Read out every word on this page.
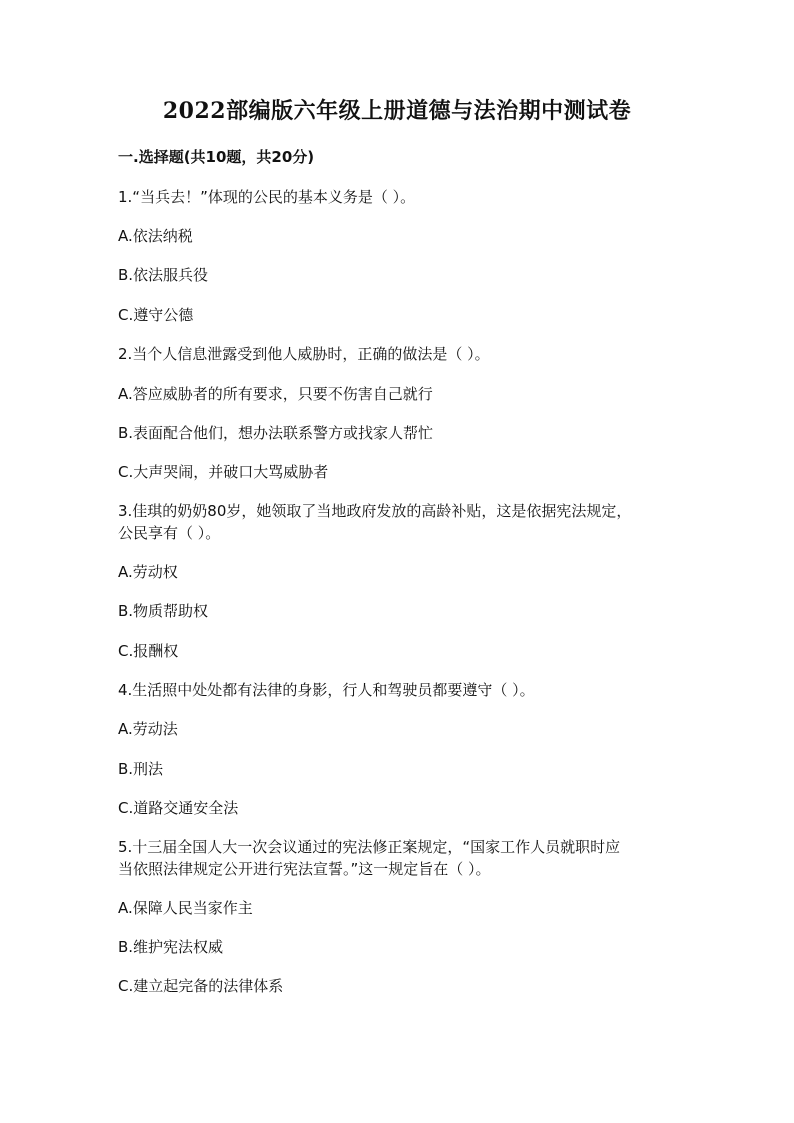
2022部编版六年级上册道德与法治期中测试卷
一.选择题(共10题，共20分)
1.“当兵去！”体现的公民的基本义务是（ ）。
A.依法纳税
B.依法服兵役
C.遵守公德
2.当个人信息泄露受到他人威胁时，正确的做法是（ ）。
A.答应威胁者的所有要求，只要不伤害自己就行
B.表面配合他们，想办法联系警方或找家人帮忙
C.大声哭闹，并破口大骂威胁者
3.佳琪的奶奶80岁，她领取了当地政府发放的高龄补贴，这是依据宪法规定，
公民享有（ ）。
A.劳动权
B.物质帮助权
C.报酬权
4.生活照中处处都有法律的身影，行人和驾驶员都要遵守（ ）。
A.劳动法
B.刑法
C.道路交通安全法
5.十三届全国人大一次会议通过的宪法修正案规定，“国家工作人员就职时应
当依照法律规定公开进行宪法宣誓。”这一规定旨在（ ）。
A.保障人民当家作主
B.维护宪法权威
C.建立起完备的法律体系
